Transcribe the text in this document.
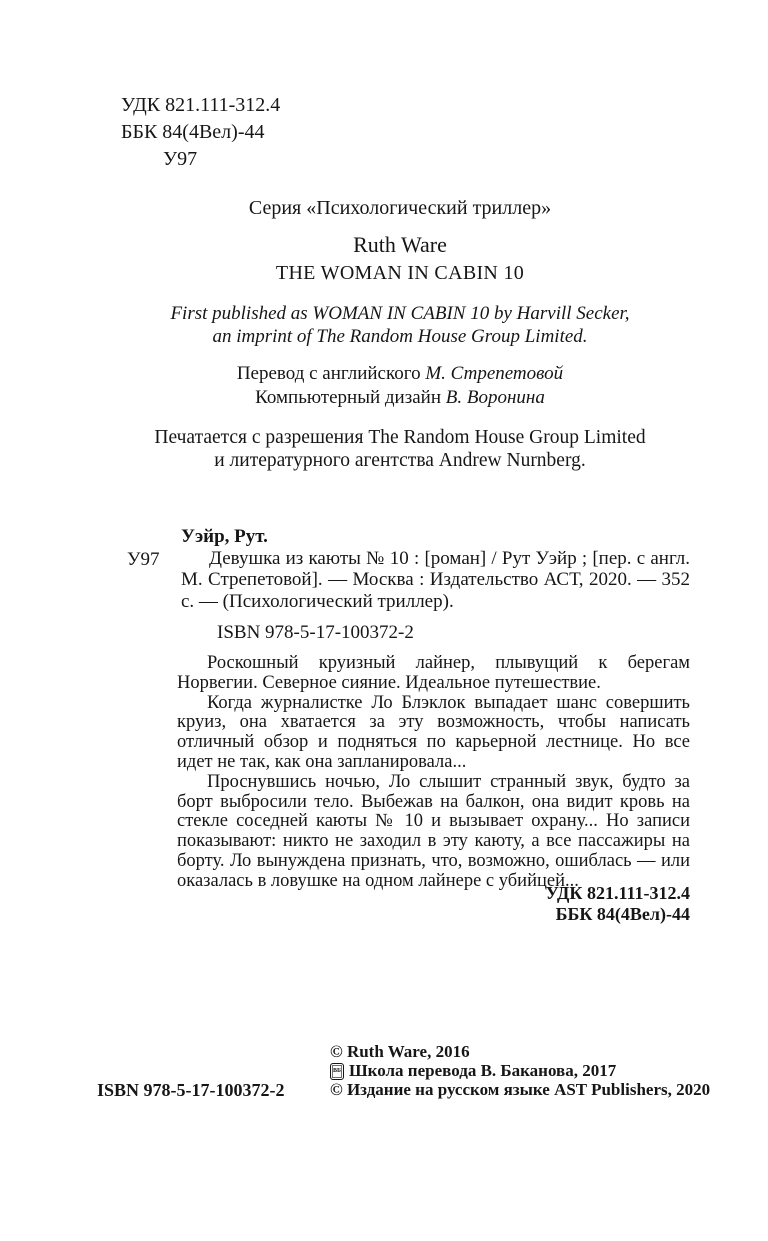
УДК 821.111-312.4
ББК 84(4Вел)-44
У97
Серия «Психологический триллер»
Ruth Ware
THE WOMAN IN CABIN 10
First published as WOMAN IN CABIN 10 by Harvill Secker,
an imprint of The Random House Group Limited.
Перевод с английского М. Стрепетовой
Компьютерный дизайн В. Воронина
Печатается с разрешения The Random House Group Limited
и литературного агентства Andrew Nurnberg.
Уэйр, Рут.
У97	Девушка из каюты № 10 : [роман] / Рут Уэйр ; [пер. с англ. М. Стрепетовой]. — Москва : Издательство АСТ, 2020. — 352 с. — (Психологический триллер).
ISBN 978-5-17-100372-2

Роскошный круизный лайнер, плывущий к берегам Норвегии. Северное сияние. Идеальное путешествие.

Когда журналистке Ло Блэклок выпадает шанс совершить круиз, она хватается за эту возможность, чтобы написать отличный обзор и подняться по карьерной лестнице. Но все идет не так, как она запланировала...

Проснувшись ночью, Ло слышит странный звук, будто за борт выбросили тело. Выбежав на балкон, она видит кровь на стекле соседней каюты № 10 и вызывает охрану... Но записи показывают: никто не заходил в эту каюту, а все пассажиры на борту. Ло вынуждена признать, что, возможно, ошиблась — или оказалась в ловушке на одном лайнере с убийцей...

УДК 821.111-312.4
ББК 84(4Вел)-44
ISBN 978-5-17-100372-2
© Ruth Ware, 2016
ВБ Школа перевода В. Баканова, 2017
© Издание на русском языке AST Publishers, 2020
